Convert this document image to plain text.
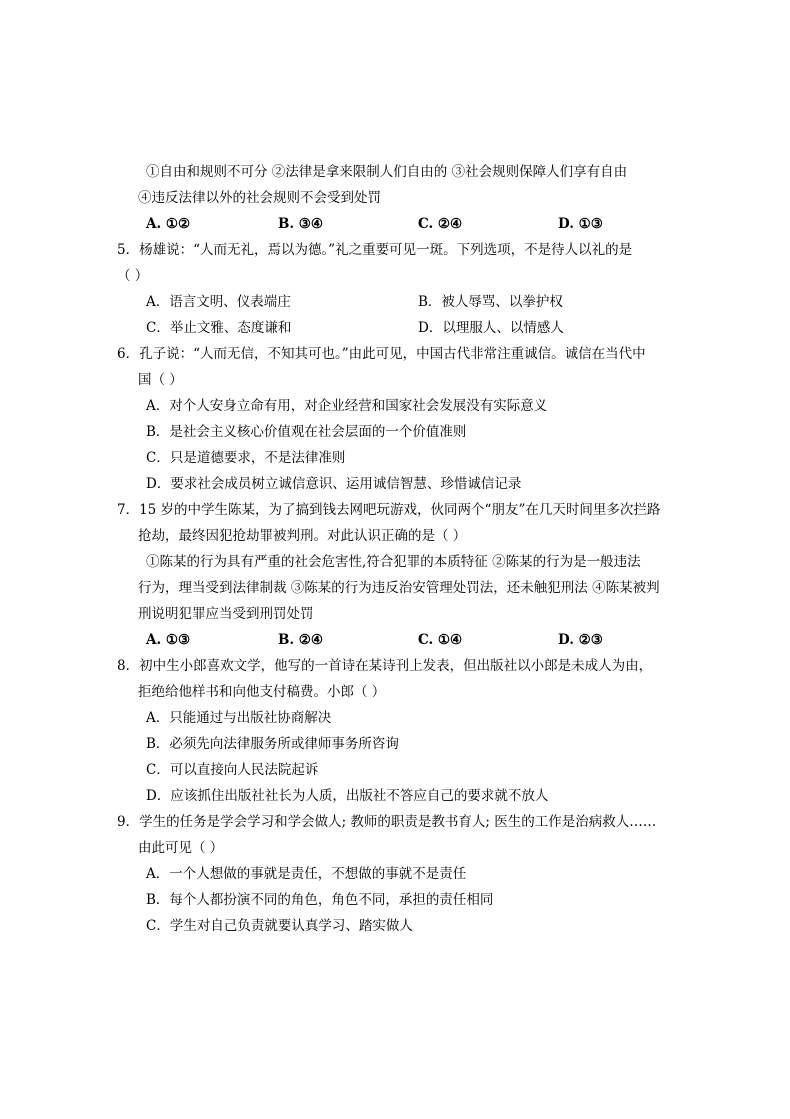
①自由和规则不可分 ②法律是拿来限制人们自由的 ③社会规则保障人们享有自由
④违反法律以外的社会规则不会受到处罚
A. ①②	B. ③④	C. ②④	D. ①③
5．杨雄说：“人而无礼，焉以为德。”礼之重要可见一斑。下列选项，不是待人以礼的是
（ ）
A．语言文明、仪表端庄	B．被人辱骂、以拳护权
C．举止文雅、态度谦和	D．以理服人、以情感人
6．孔子说：“人而无信，不知其可也。”由此可见，中国古代非常注重诚信。诚信在当代中
国（ ）
A．对个人安身立命有用，对企业经营和国家社会发展没有实际意义
B．是社会主义核心价值观在社会层面的一个价值准则
C．只是道德要求，不是法律准则
D．要求社会成员树立诚信意识、运用诚信智慧、珍惜诚信记录
7．15 岁的中学生陈某，为了搞到钱去网吧玩游戏，伙同两个“朋友”在几天时间里多次拦路
抢劫，最终因犯抢劫罪被判刑。对此认识正确的是（ ）
①陈某的行为具有严重的社会危害性,符合犯罪的本质特征 ②陈某的行为是一般违法
行为，理当受到法律制裁 ③陈某的行为违反治安管理处罚法，还未触犯刑法 ④陈某被判
刑说明犯罪应当受到刑罚处罚
A. ①③	B. ②④	C. ①④	D. ②③
8．初中生小郎喜欢文学，他写的一首诗在某诗刊上发表，但出版社以小郎是未成人为由，
拒绝给他样书和向他支付稿费。小郎（ ）
A．只能通过与出版社协商解决
B．必须先向法律服务所或律师事务所咨询
C．可以直接向人民法院起诉
D．应该抓住出版社社长为人质，出版社不答应自己的要求就不放人
9．学生的任务是学会学习和学会做人; 教师的职责是教书育人; 医生的工作是治病救人……
由此可见（ ）
A．一个人想做的事就是责任，不想做的事就不是责任
B．每个人都扮演不同的角色，角色不同，承担的责任相同
C．学生对自己负责就要认真学习、踏实做人
